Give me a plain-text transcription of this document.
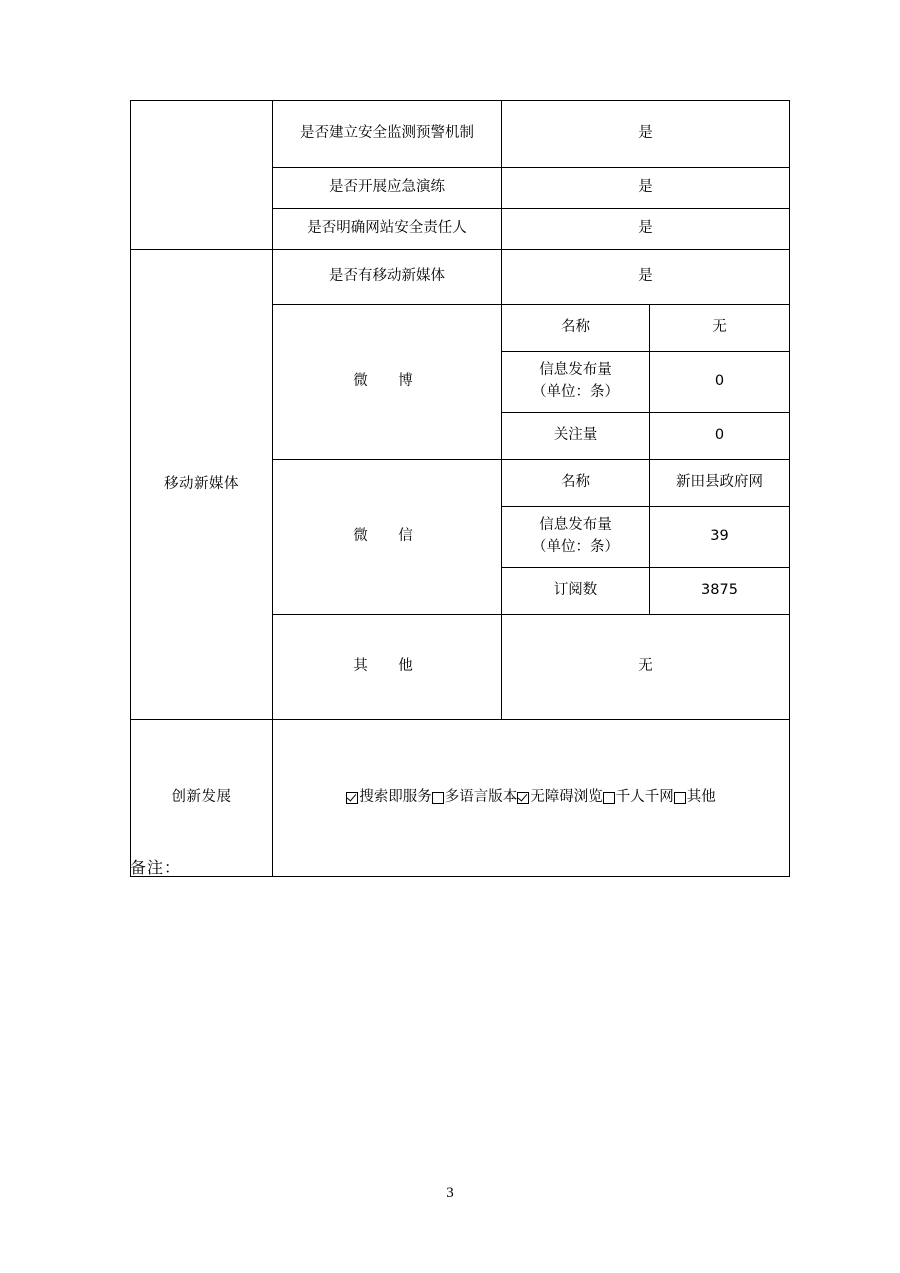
	是否建立安全监测预警机制	是	
	是否开展应急演练	是	
	是否明确网站安全责任人	是	
移动新媒体	是否有移动新媒体	是	
	微　博	名称	无

		信息发布量
（单位：条）	0
		关注量	0
	微　信	名称	新田县政府网

		信息发布量
（单位：条）	39
		订阅数	3875
	其　他	无	
创新发展	搜索即服务 多语言版本 无障碍浏览 千人千网 其他		
备注：
3
